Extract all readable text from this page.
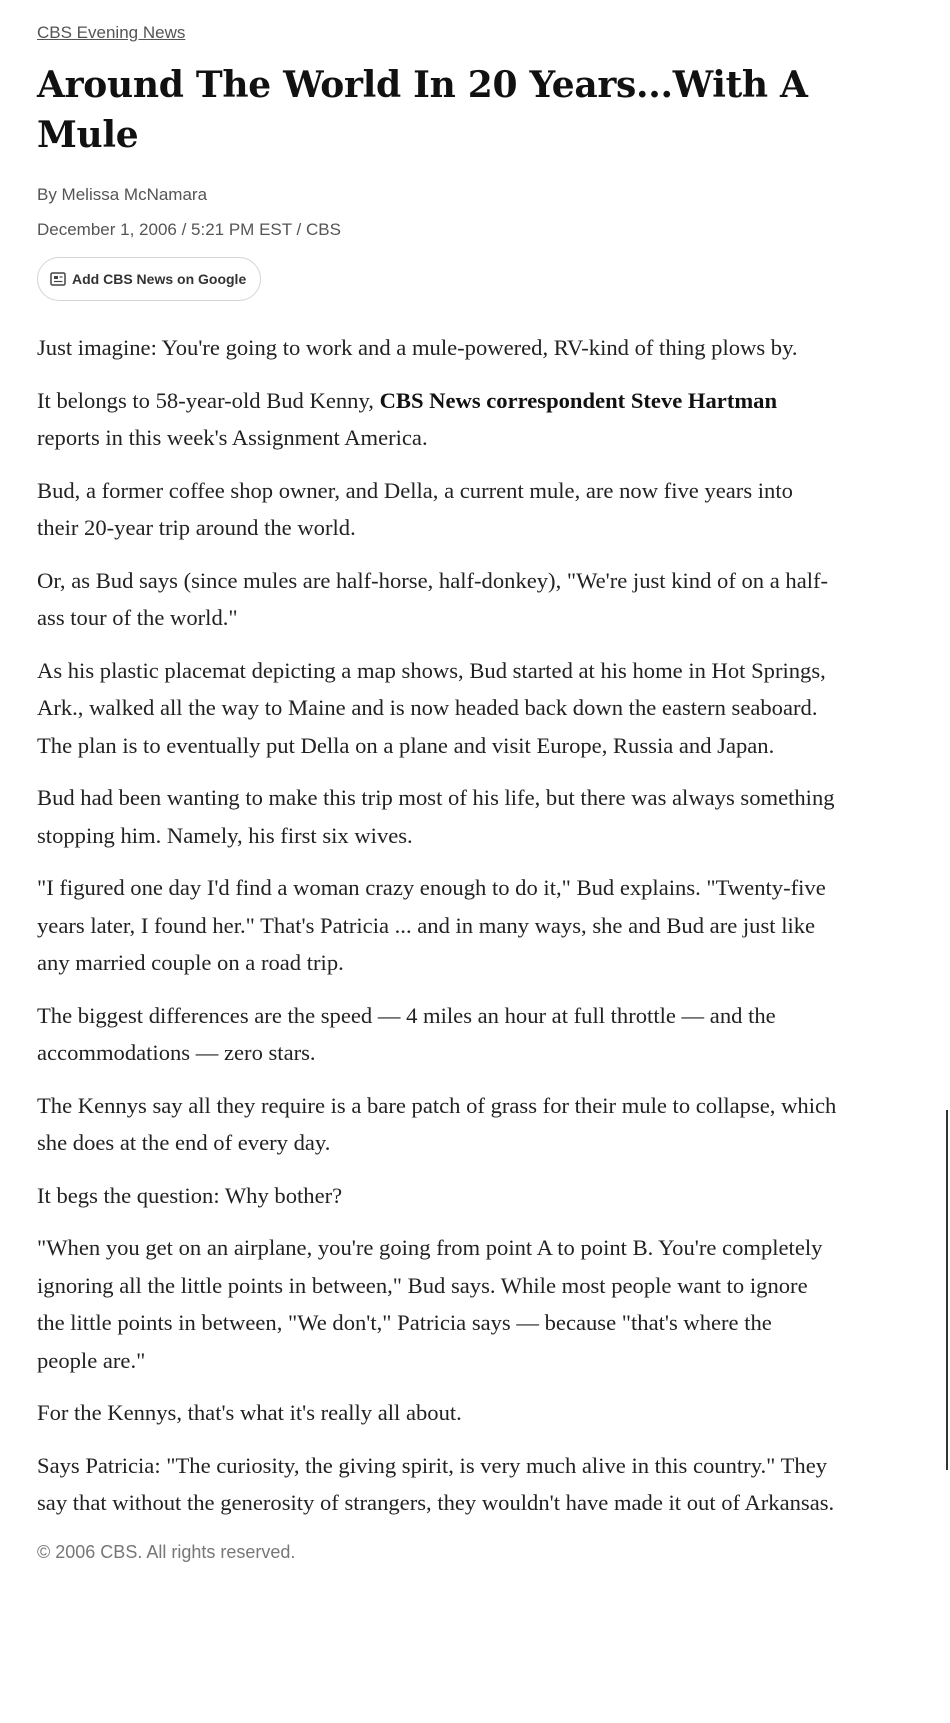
CBS Evening News
Around The World In 20 Years...With A Mule
By Melissa McNamara
December 1, 2006 / 5:21 PM EST / CBS
Add CBS News on Google

Just imagine: You're going to work and a mule-powered, RV-kind of thing plows by.

It belongs to 58-year-old Bud Kenny, CBS News correspondent Steve Hartman reports in this week's Assignment America.

Bud, a former coffee shop owner, and Della, a current mule, are now five years into their 20-year trip around the world.

Or, as Bud says (since mules are half-horse, half-donkey), "We're just kind of on a half-ass tour of the world."

As his plastic placemat depicting a map shows, Bud started at his home in Hot Springs, Ark., walked all the way to Maine and is now headed back down the eastern seaboard. The plan is to eventually put Della on a plane and visit Europe, Russia and Japan.

Bud had been wanting to make this trip most of his life, but there was always something stopping him. Namely, his first six wives.

"I figured one day I'd find a woman crazy enough to do it," Bud explains. "Twenty-five years later, I found her." That's Patricia ... and in many ways, she and Bud are just like any married couple on a road trip.

The biggest differences are the speed — 4 miles an hour at full throttle — and the accommodations — zero stars.

The Kennys say all they require is a bare patch of grass for their mule to collapse, which she does at the end of every day.

It begs the question: Why bother?

"When you get on an airplane, you're going from point A to point B. You're completely ignoring all the little points in between," Bud says. While most people want to ignore the little points in between, "We don't," Patricia says — because "that's where the people are."

For the Kennys, that's what it's really all about.

Says Patricia: "The curiosity, the giving spirit, is very much alive in this country." They say that without the generosity of strangers, they wouldn't have made it out of Arkansas.

© 2006 CBS. All rights reserved.
